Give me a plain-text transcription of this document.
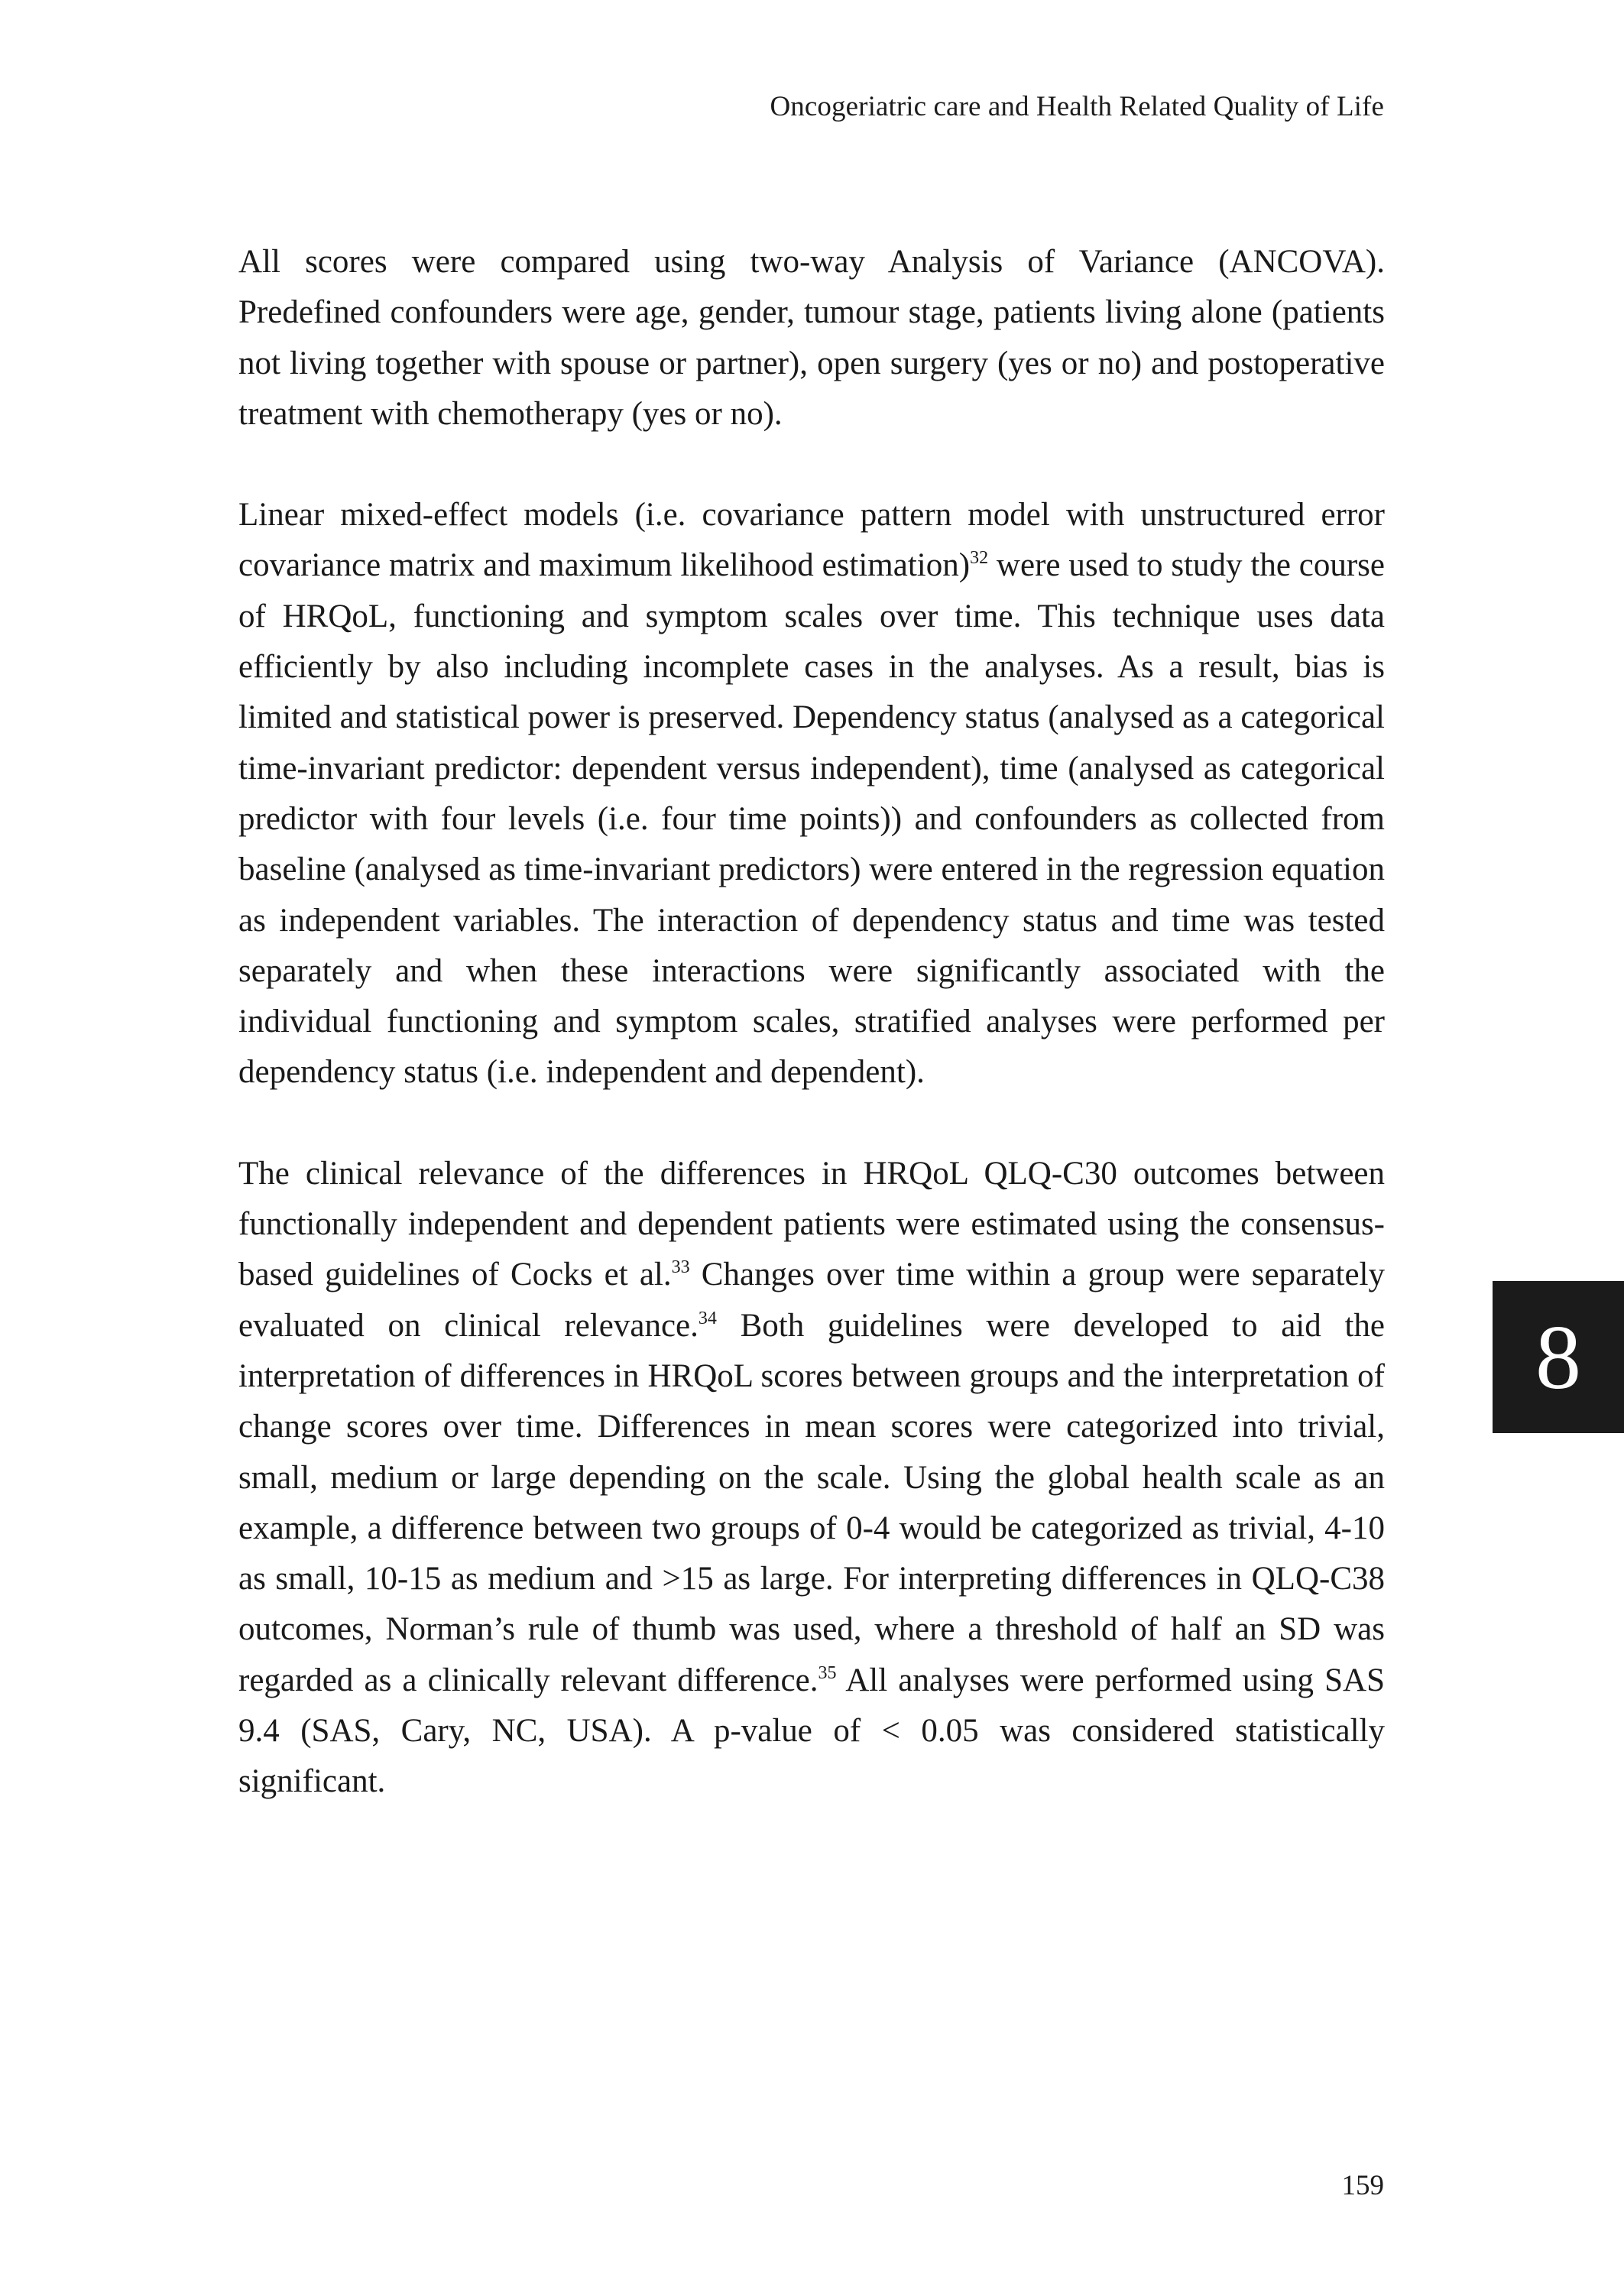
Oncogeriatric care and Health Related Quality of Life

All scores were compared using two-way Analysis of Variance (ANCOVA). Predefined confounders were age, gender, tumour stage, patients living alone (patients not living together with spouse or partner), open surgery (yes or no) and postoperative treatment with chemotherapy (yes or no).

Linear mixed-effect models (i.e. covariance pattern model with unstructured error covariance matrix and maximum likelihood estimation)$^{32}$ were used to study the course of HRQoL, functioning and symptom scales over time. This technique uses data efficiently by also including incomplete cases in the analyses. As a result, bias is limited and statistical power is preserved. Dependency status (analysed as a categorical time-invariant predictor: dependent versus independent), time (analysed as categorical predictor with four levels (i.e. four time points)) and confounders as collected from baseline (analysed as time-invariant predictors) were entered in the regression equation as independent variables. The interaction of dependency status and time was tested separately and when these interactions were significantly associated with the individual functioning and symptom scales, stratified analyses were performed per dependency status (i.e. independent and dependent).

The clinical relevance of the differences in HRQoL QLQ-C30 outcomes between functionally independent and dependent patients were estimated using the consensus-based guidelines of Cocks et al.$^{33}$ Changes over time within a group were separately evaluated on clinical relevance.$^{34}$ Both guidelines were developed to aid the interpretation of differences in HRQoL scores between groups and the interpretation of change scores over time. Differences in mean scores were categorized into trivial, small, medium or large depending on the scale. Using the global health scale as an example, a difference between two groups of 0-4 would be categorized as trivial, 4-10 as small, 10-15 as medium and >15 as large. For interpreting differences in QLQ-C38 outcomes, Norman’s rule of thumb was used, where a threshold of half an SD was regarded as a clinically relevant difference.$^{35}$ All analyses were performed using SAS 9.4 (SAS, Cary, NC, USA). A p-value of < 0.05 was considered statistically significant.

8
159
